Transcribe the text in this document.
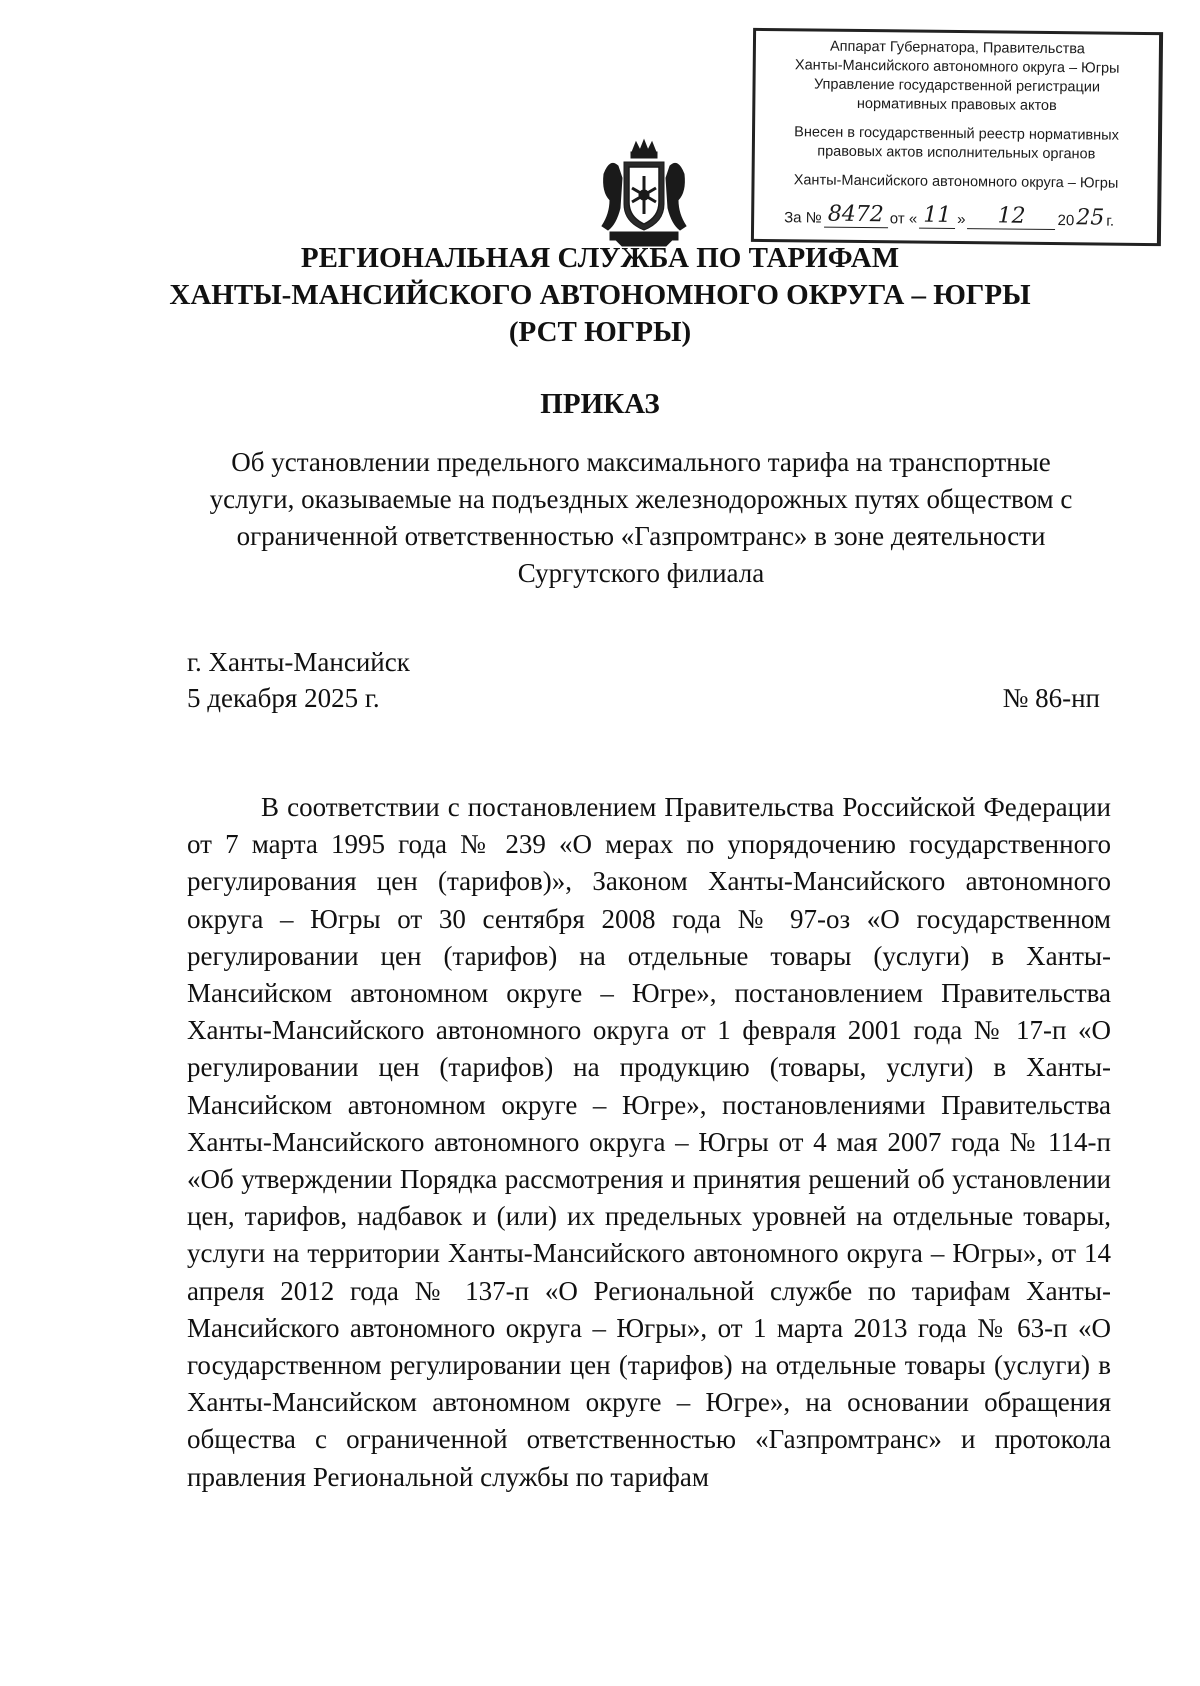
Аппарат Губернатора, Правительства
Ханты-Мансийского автономного округа – Югры
Управление государственной регистрации
нормативных правовых актов
Внесен в государственный реестр нормативных
правовых актов исполнительных органов
Ханты-Мансийского автономного округа – Югры
За № 8472 от « 11 »	12	20 25 г.
РЕГИОНАЛЬНАЯ СЛУЖБА ПО ТАРИФАМ
ХАНТЫ-МАНСИЙСКОГО АВТОНОМНОГО ОКРУГА – ЮГРЫ
(РСТ ЮГРЫ)
ПРИКАЗ
Об установлении предельного максимального тарифа на транспортные услуги, оказываемые на подъездных железнодорожных путях обществом с ограниченной ответственностью «Газпромтранс» в зоне деятельности Сургутского филиала
г. Ханты-Мансийск
5 декабря 2025 г.	№ 86-нп
В соответствии с постановлением Правительства Российской Федерации от 7 марта 1995 года № 239 «О мерах по упорядочению государственного регулирования цен (тарифов)», Законом Ханты-Мансийского автономного округа – Югры от 30 сентября 2008 года № 97-оз «О государственном регулировании цен (тарифов) на отдельные товары (услуги) в Ханты-Мансийском автономном округе – Югре», постановлением Правительства Ханты-Мансийского автономного округа от 1 февраля 2001 года № 17-п «О регулировании цен (тарифов) на продукцию (товары, услуги) в Ханты-Мансийском автономном округе – Югре», постановлениями Правительства Ханты-Мансийского автономного округа – Югры от 4 мая 2007 года № 114-п «Об утверждении Порядка рассмотрения и принятия решений об установлении цен, тарифов, надбавок и (или) их предельных уровней на отдельные товары, услуги на территории Ханты-Мансийского автономного округа – Югры», от 14 апреля 2012 года № 137-п «О Региональной службе по тарифам Ханты-Мансийского автономного округа – Югры», от 1 марта 2013 года № 63-п «О государственном регулировании цен (тарифов) на отдельные товары (услуги) в Ханты-Мансийском автономном округе – Югре», на основании обращения общества с ограниченной ответственностью «Газпромтранс» и протокола правления Региональной службы по тарифам
